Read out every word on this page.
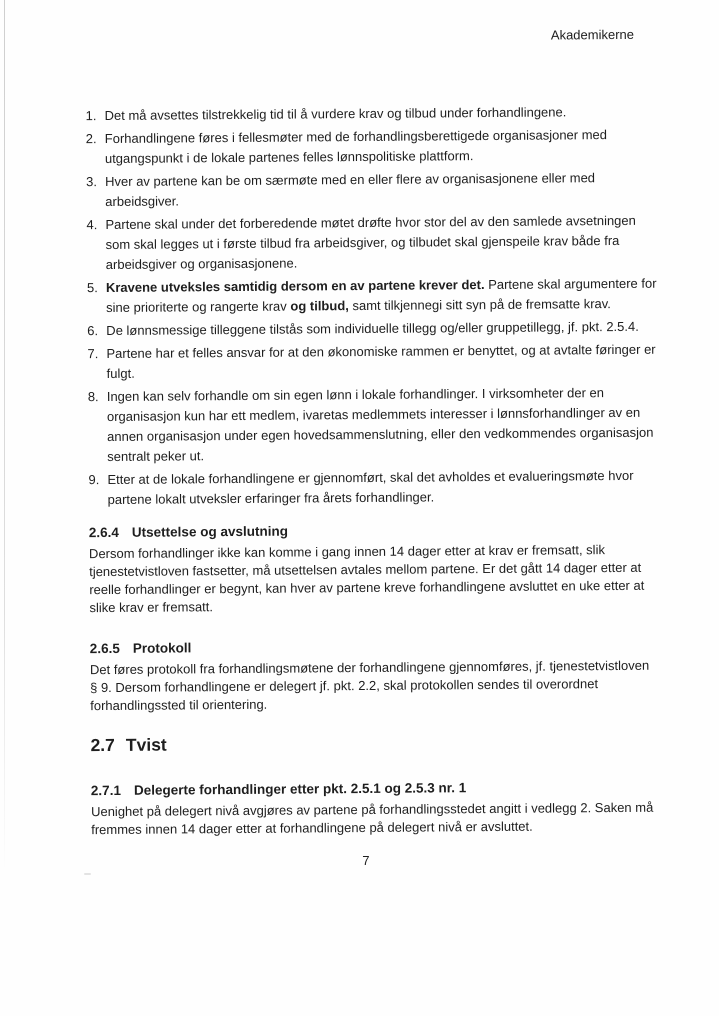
Akademikerne
1. Det må avsettes tilstrekkelig tid til å vurdere krav og tilbud under forhandlingene.
2. Forhandlingene føres i fellesmøter med de forhandlingsberettigede organisasjoner med utgangspunkt i de lokale partenes felles lønnspolitiske plattform.
3. Hver av partene kan be om særmøte med en eller flere av organisasjonene eller med arbeidsgiver.
4. Partene skal under det forberedende møtet drøfte hvor stor del av den samlede avsetningen som skal legges ut i første tilbud fra arbeidsgiver, og tilbudet skal gjenspeile krav både fra arbeidsgiver og organisasjonene.
5. Kravene utveksles samtidig dersom en av partene krever det. Partene skal argumentere for sine prioriterte og rangerte krav og tilbud, samt tilkjennegi sitt syn på de fremsatte krav.
6. De lønnsmessige tilleggene tilstås som individuelle tillegg og/eller gruppetillegg, jf. pkt. 2.5.4.
7. Partene har et felles ansvar for at den økonomiske rammen er benyttet, og at avtalte føringer er fulgt.
8. Ingen kan selv forhandle om sin egen lønn i lokale forhandlinger. I virksomheter der en organisasjon kun har ett medlem, ivaretas medlemmets interesser i lønnsforhandlinger av en annen organisasjon under egen hovedsammenslutning, eller den vedkommendes organisasjon sentralt peker ut.
9. Etter at de lokale forhandlingene er gjennomført, skal det avholdes et evalueringsmøte hvor partene lokalt utveksler erfaringer fra årets forhandlinger.
2.6.4 Utsettelse og avslutning

Dersom forhandlinger ikke kan komme i gang innen 14 dager etter at krav er fremsatt, slik tjenestetvistloven fastsetter, må utsettelsen avtales mellom partene. Er det gått 14 dager etter at reelle forhandlinger er begynt, kan hver av partene kreve forhandlingene avsluttet en uke etter at slike krav er fremsatt.

2.6.5 Protokoll

Det føres protokoll fra forhandlingsmøtene der forhandlingene gjennomføres, jf. tjenestetvistloven § 9. Dersom forhandlingene er delegert jf. pkt. 2.2, skal protokollen sendes til overordnet forhandlingssted til orientering.

2.7 Tvist
2.7.1 Delegerte forhandlinger etter pkt. 2.5.1 og 2.5.3 nr. 1

Uenighet på delegert nivå avgjøres av partene på forhandlingsstedet angitt i vedlegg 2. Saken må fremmes innen 14 dager etter at forhandlingene på delegert nivå er avsluttet.

7
